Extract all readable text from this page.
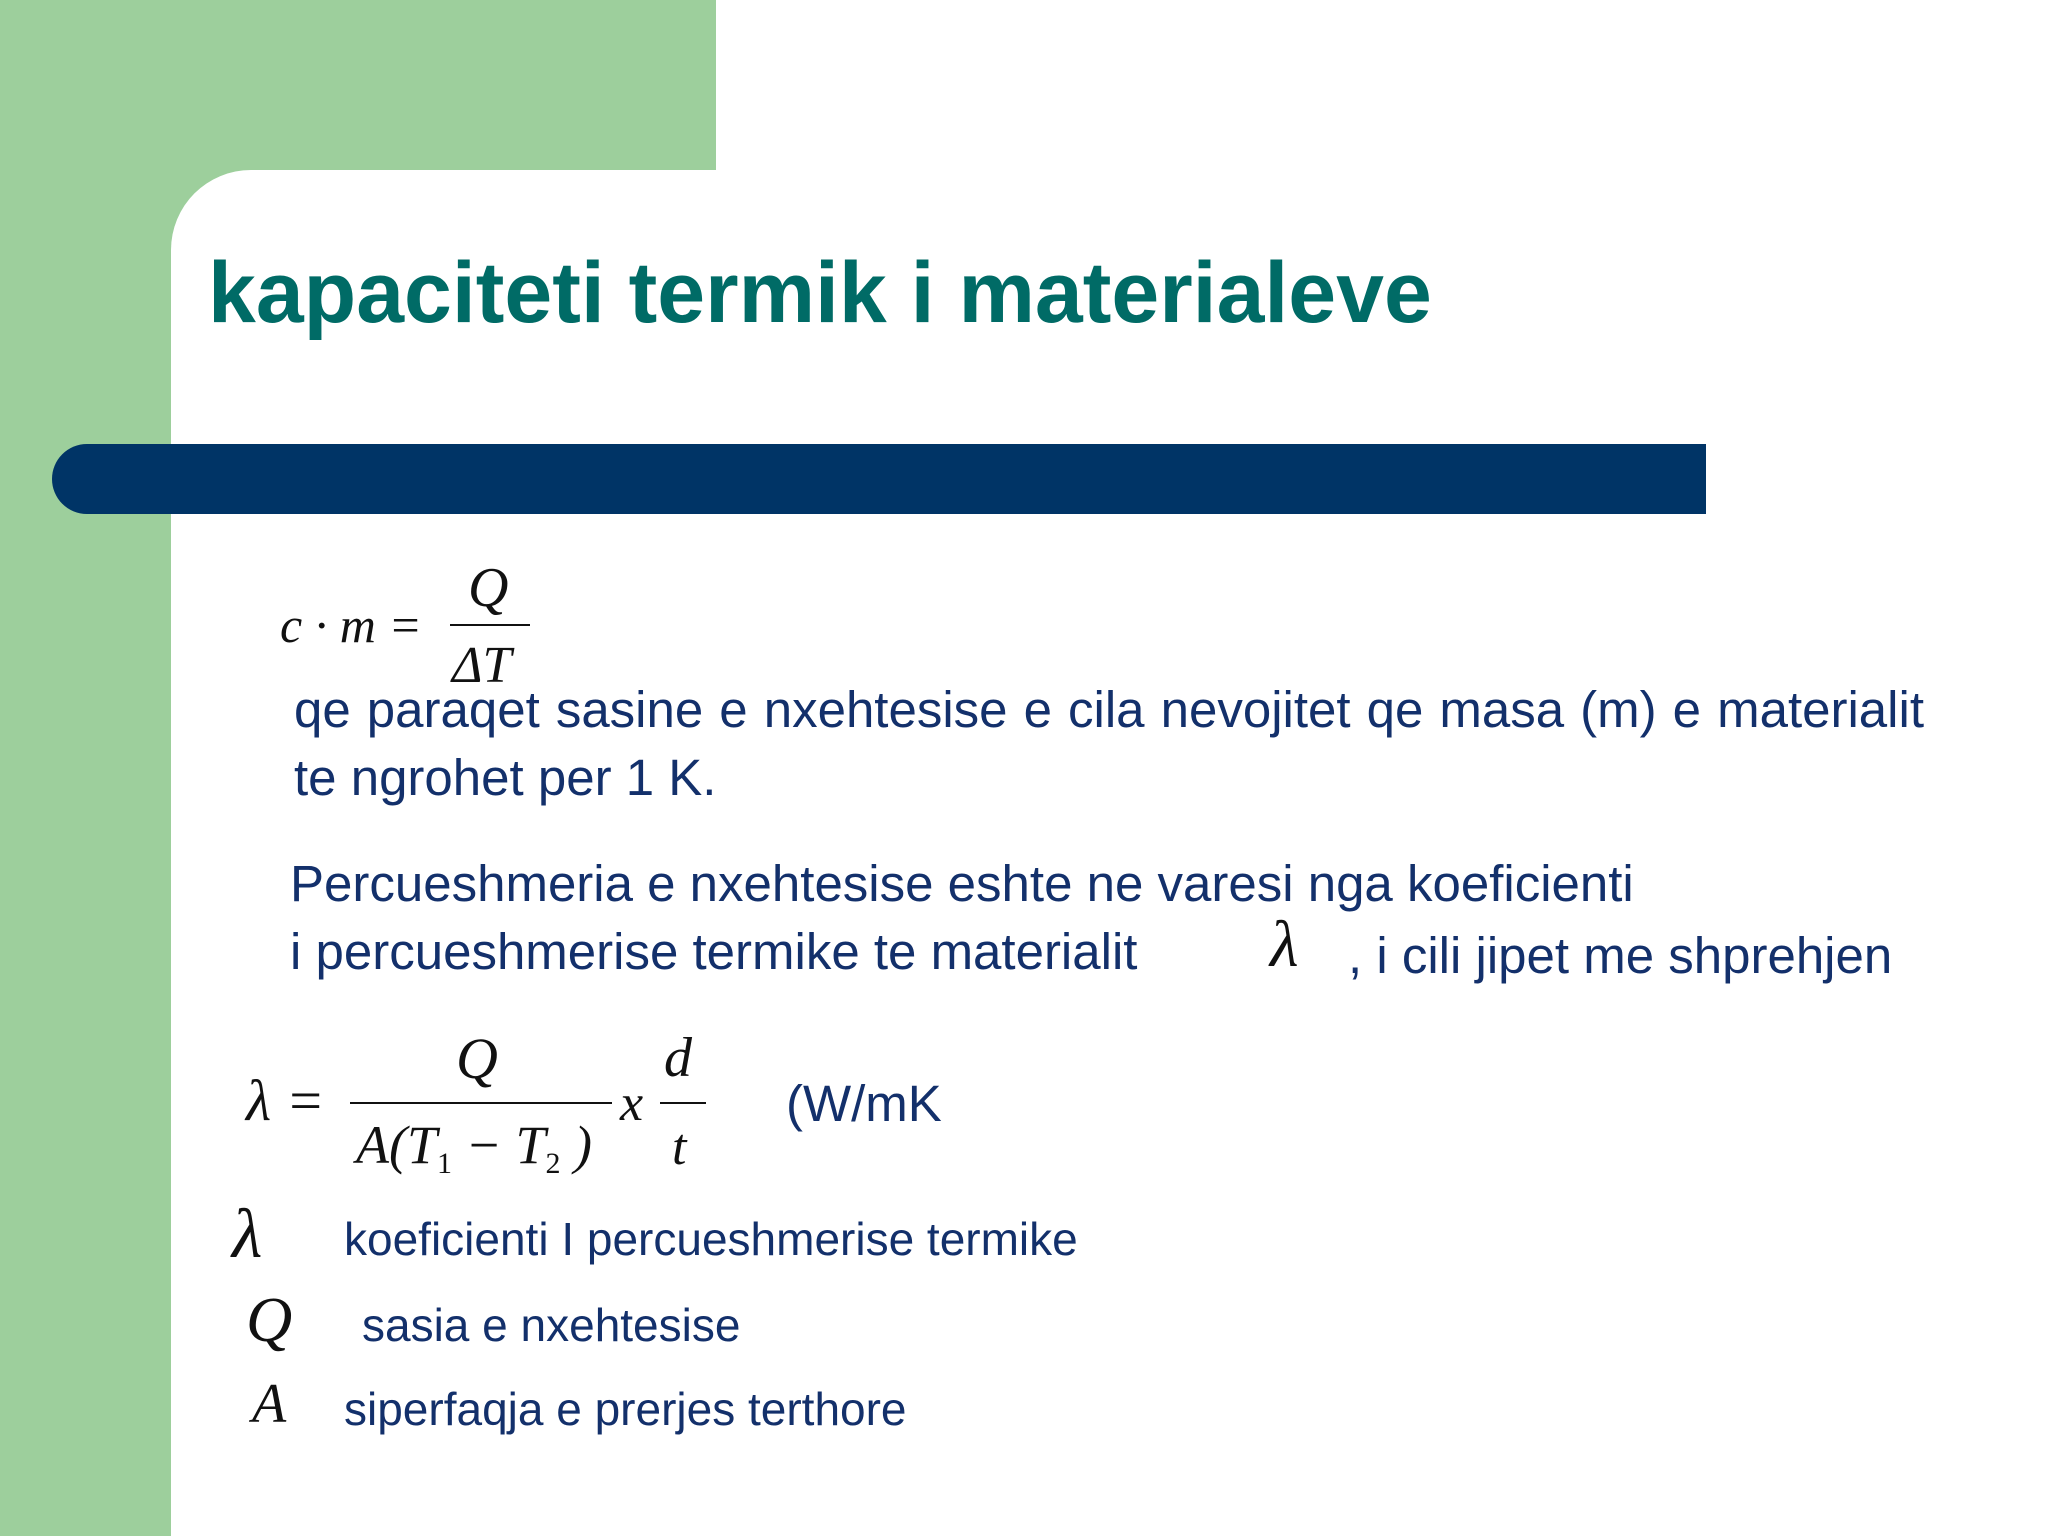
kapaciteti termik i materialeve
c · m =
Q
ΔT

qe paraqet sasine e nxehtesise e cila nevojitet qe masa (m) e materialit te ngrohet per 1 K.

Percueshmeria e nxehtesise eshte ne varesi nga koeficienti

i percueshmerise termike te materialit λ , i cili jipet me shprehjen

λ =
Q
A(T1 − T2 )
x
d
t
(W/mK
λ koeficienti I percueshmerise termike
Q sasia e nxehtesise
A siperfaqja e prerjes terthore
